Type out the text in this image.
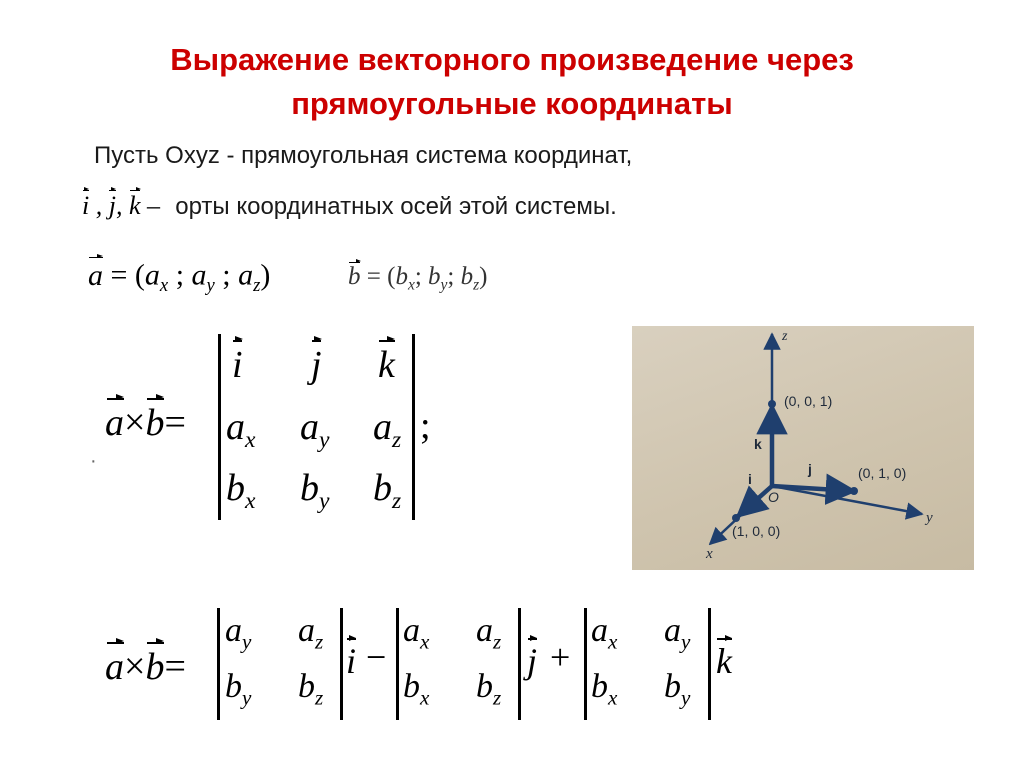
Выражение векторного произведение через
прямоугольные координаты
Пусть Oxyz - прямоугольная система координат,
i , j, k – орты координатных осей этой системы.
$a = (a_x$ ; $a_y$ ; $a_z$)	$b = (b_x$; $b_y$; $b_z$)
a×b=
·
i j k
$a_x$ $a_y$ $a_z$
$b_x$ $b_y$ $b_z$
;
z
y
x
O
k
j
i
(0, 0, 1)
(0, 1, 0)
(1, 0, 0)
a×b=
$a_y$ $a_z$
$b_y$ $b_z$
i −
$a_x$ $a_z$
$b_x$ $b_z$
j +
$a_x$ $a_y$
$b_x$ $b_y$
k
